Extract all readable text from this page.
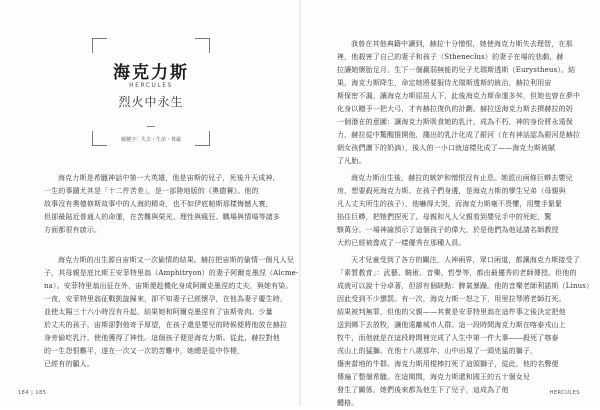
海克力斯
HERCULES
烈火中永生
關鍵字：失去・生命・尊嚴
海克力斯是希臘神話中第一大英雄，他是宙斯的兒子，死後升天成神，
一生的事蹟尤其是「十二件苦差」，是一部陸地版的《奧德賽》。他的
故事沒有奧德修斯故事中的人海的精奇，也不如伊底帕斯那樣悔憾人寰，
但卻最貼近普通人的命運，在苦難與榮光、理性與瘋狂、職場與情場等諸多
方面都很有啟示。
海克力斯的出生源自宙斯又一次偷情的結果。赫拉把宙斯的偷情一個凡人兒
子，其母親是底比斯王安菲特里翁（Amphitryon）的妻子阿爾克墨涅（Alcme-
na）。安菲特里翁出征在外，宙斯便趁機化身成阿爾克墨涅的丈夫，與她有染。
一夜，安菲特里翁征戰凱旋歸來，卻不知妻子已經懷孕，在他為妻子慶生時，
並使太陽三十六小時沒有升起，結果她和阿爾克墨涅有了宙斯骨肉。少量
於丈夫的孩子，宙斯卻對他寄予厚望，在孩子還是嬰兒的時候便將他放在赫拉
身旁偷吃乳汁，使他獲得了神性。這個孩子便是海克力斯。從此，赫拉對他
的一生怨恨難平，遂在一次又一次的苦難中，她總是從中作梗，
已經有的顧人。
184 | 185
我曾在其他典籍中讀到，赫拉十分憎恨，她使海克力斯失去理智，在那
裡，他殺害了自己的妻子和孩子（Stheneclus）的妻子在場的悲劇，赫
拉讓她懷胎足月，生下一個羸弱無能的兒子尤瑞斯透斯（Eurystheus）。結
果，海克力斯降生，命定她將要服侍尤瑞斯透斯的統治，赫拉利用宙
斯保密不漏，讓海克力斯屈居人下，此後海克力斯命運多舛，但她也曾在夢中
化身以贈予一把大弓，才有赫拉復仇的計劃。赫拉送海克力斯去擠赫拉的奶
一個潛在的意圖：讓海克力斯吸食她的乳汁，成為不朽，神的身份將永遠保
力，赫拉從中驚醒推開他，濺出的乳汁化成了銀河（在有神話認為銀河是赫拉
朝女孩們灑下的奶滴），後人的一小口就這樣化成了——海克力斯被賦
了凡胎。
海克力斯出生後，赫拉的嫉妒和憎恨沒有止息。她派出兩條巨蟒去嬰兒
房，想要殺死海克力斯。在孩子們身邊，是海克力斯的孿生兄弟（母親與
凡人丈夫所生的孩子），他嚇得大哭，而海克力斯毫不畏懼，用雙手緊緊
掐住巨蟒，把牠們捏死了。母親和凡人父親看到嬰兒手中的死蛇，驚
駭萬分。一場神諭預示了這個孩子的偉大，於是他們為他延請名師教授
大約已經被像成了一樣優秀在那種人員。
天才兒童受到了各方的關注，人神兩界，眾口兩道，都讓海克力斯接受了
「素質教育」：武藝、騎術、音樂、哲學等，都由最優秀的老師傳授。但他的
成就可以說十分卓著，但卻有個缺點：脾氣暴躁。他的音樂老師利諾斯（Linus）
因此受到不少懲罰。有一次，海克力斯一怒之下，用里拉琴將老師打死。
結果被判無罪，但他的父親——其實是安菲特里翁在這件事之後決定把他
送到鄉下去放牧，讓他遠離城市人群。這一段時間海克力斯在喀泰戎山上
牧牛，而他就是在這段時間裡完成了人生中第一件大事——殺死了喀泰
戎山上的猛獅。在他十八歲那年，山中出現了一頭兇猛的獅子，
傷害當地的牛群。海克力斯用棍棒打死了這頭獅子，從此，他的名聲便
傳遍了整個希臘。在這期間，海克力斯還和國王的五十個女兒
發生了關係，她們後來都為他生下了兒子，這成為了他
體格。
HERCULES
